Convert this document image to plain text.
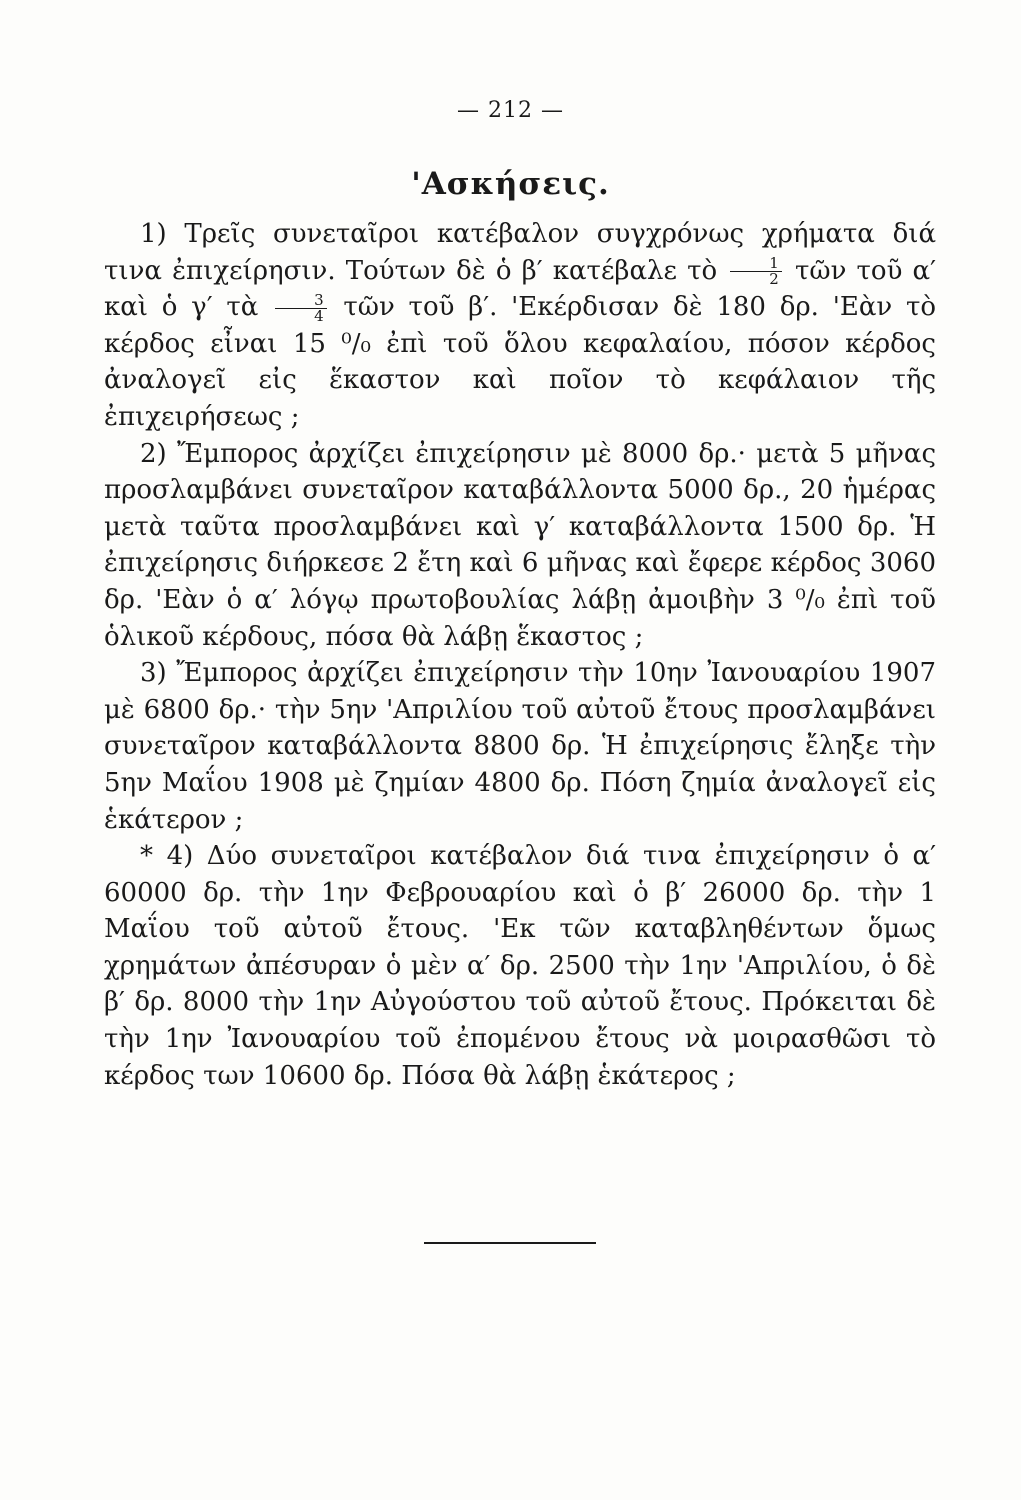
— 212 —
'Ασκήσεις.

1) Τρεῖς συνεταῖροι κατέβαλον συγχρόνως χρήματα διά τινα ἐπιχείρησιν. Τούτων δὲ ὁ β′ κατέβαλε τὸ $\frac{1}{2}$ τῶν τοῦ α′ καὶ ὁ γ′ τὰ $\frac{3}{4}$ τῶν τοῦ β′. 'Εκέρδισαν δὲ 180 δρ. 'Εὰν τὸ κέρδος εἶναι 15 ⁰/₀ ἐπὶ τοῦ ὅλου κεφαλαίου, πόσον κέρδος ἀναλογεῖ εἰς ἕκαστον καὶ ποῖον τὸ κεφάλαιον τῆς ἐπιχειρήσεως ;

2) Ἔμπορος ἀρχίζει ἐπιχείρησιν μὲ 8000 δρ.· μετὰ 5 μῆνας προσλαμβάνει συνεταῖρον καταβάλλοντα 5000 δρ., 20 ἡμέρας μετὰ ταῦτα προσλαμβάνει καὶ γ′ καταβάλλοντα 1500 δρ. Ἡ ἐπιχείρησις διήρκεσε 2 ἔτη καὶ 6 μῆνας καὶ ἔφερε κέρδος 3060 δρ. 'Εὰν ὁ α′ λόγῳ πρωτοβουλίας λάβῃ ἀμοιβὴν 3 ⁰/₀ ἐπὶ τοῦ ὁλικοῦ κέρδους, πόσα θὰ λάβῃ ἕκαστος ;

3) Ἔμπορος ἀρχίζει ἐπιχείρησιν τὴν 10ην Ἰανουαρίου 1907 μὲ 6800 δρ.· τὴν 5ην 'Απριλίου τοῦ αὐτοῦ ἔτους προσλαμβάνει συνεταῖρον καταβάλλοντα 8800 δρ. Ἡ ἐπιχείρησις ἔληξε τὴν 5ην Μαΐου 1908 μὲ ζημίαν 4800 δρ. Πόση ζημία ἀναλογεῖ εἰς ἑκάτερον ;

* 4) Δύο συνεταῖροι κατέβαλον διά τινα ἐπιχείρησιν ὁ α′ 60000 δρ. τὴν 1ην Φεβρουαρίου καὶ ὁ β′ 26000 δρ. τὴν 1 Μαΐου τοῦ αὐτοῦ ἔτους. 'Εκ τῶν καταβληθέντων ὅμως χρημάτων ἀπέσυραν ὁ μὲν α′ δρ. 2500 τὴν 1ην 'Απριλίου, ὁ δὲ β′ δρ. 8000 τὴν 1ην Αὐγούστου τοῦ αὐτοῦ ἔτους. Πρόκειται δὲ τὴν 1ην Ἰανουαρίου τοῦ ἐπομένου ἔτους νὰ μοιρασθῶσι τὸ κέρδος των 10600 δρ. Πόσα θὰ λάβῃ ἑκάτερος ;
